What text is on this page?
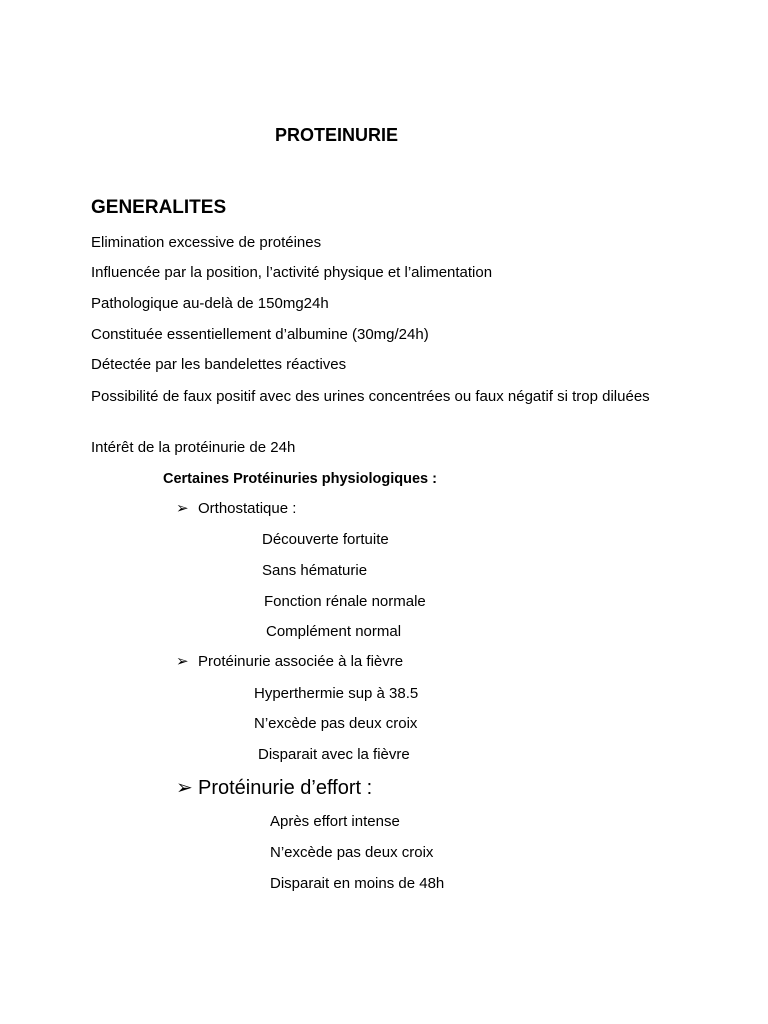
PROTEINURIE
GENERALITES
Elimination excessive de protéines
Influencée par la position, l’activité physique et l’alimentation
Pathologique au-delà de 150mg24h
Constituée essentiellement d’albumine (30mg/24h)
Détectée par les bandelettes réactives
Possibilité de faux positif avec des urines concentrées ou faux négatif si trop diluées
Intérêt de la protéinurie de 24h
Certaines Protéinuries physiologiques :
➢ Orthostatique :
Découverte fortuite
Sans hématurie
Fonction rénale normale
Complément normal
➢ Protéinurie associée à la fièvre
Hyperthermie sup à 38.5
N’excède pas deux croix
Disparait avec la fièvre
➢ Protéinurie d’effort :
Après effort intense
N’excède pas deux croix
Disparait en moins de 48h
